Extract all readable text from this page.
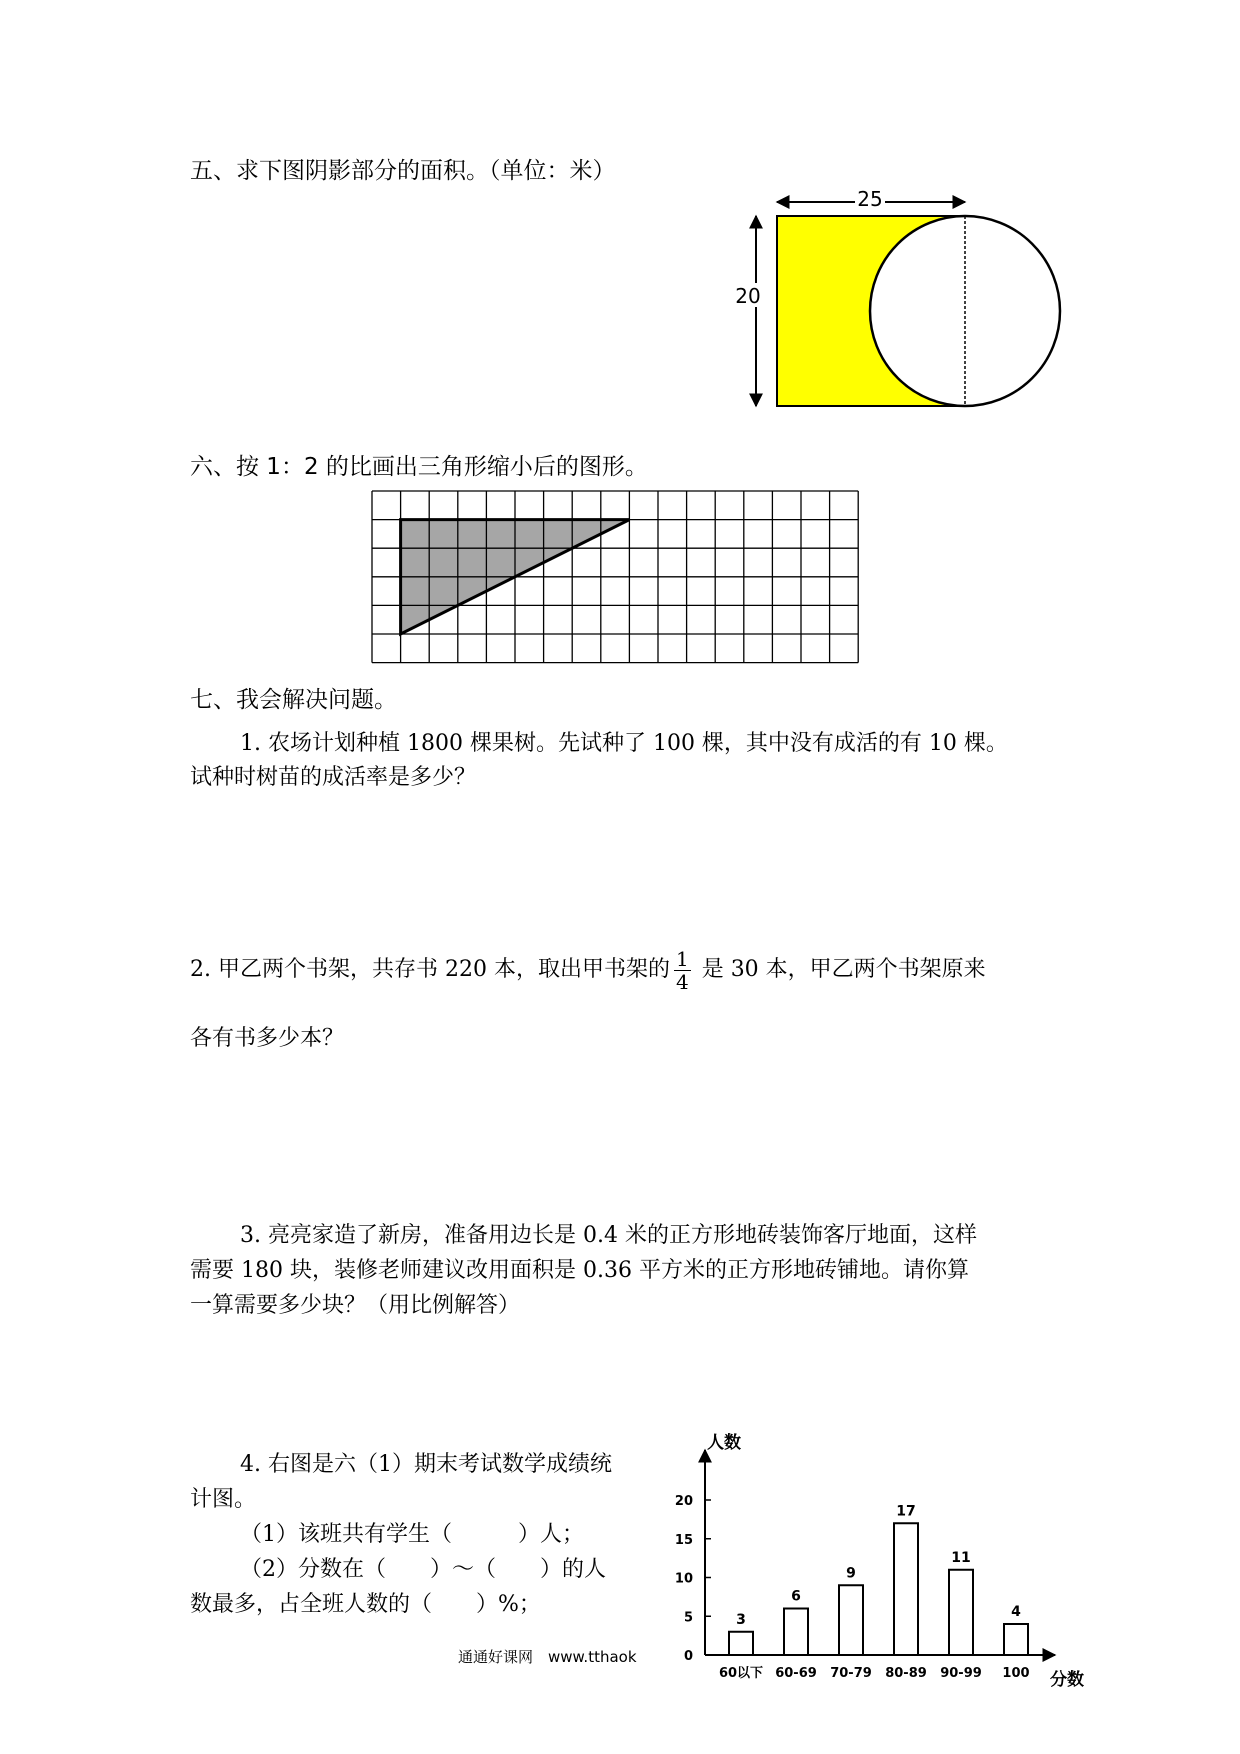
五、求下图阴影部分的面积。（单位：米）
25
20
六、按 1：2 的比画出三角形缩小后的图形。
七、我会解决问题。
1. 农场计划种植 1800 棵果树。先试种了 100 棵，其中没有成活的有 10 棵。
试种时树苗的成活率是多少？
2. 甲乙两个书架，共存书 220 本，取出甲书架的 $\frac{1}{4}$ 是 30 本，甲乙两个书架原来
各有书多少本？
3. 亮亮家造了新房，准备用边长是 0.4 米的正方形地砖装饰客厅地面，这样
需要 180 块，装修老师建议改用面积是 0.36 平方米的正方形地砖铺地。请你算
一算需要多少块？（用比例解答）
4. 右图是六（1）期末考试数学成绩统
计图。
（1）该班共有学生（　　　）人；
（2）分数在（　　）～（　　）的人
数最多，占全班人数的（　　）%；
通通好课网　www.tthaok
人数
分数
0
5
10
15
20
3
60以下
6
60-69
9
70-79
17
80-89
11
90-99
4
100
